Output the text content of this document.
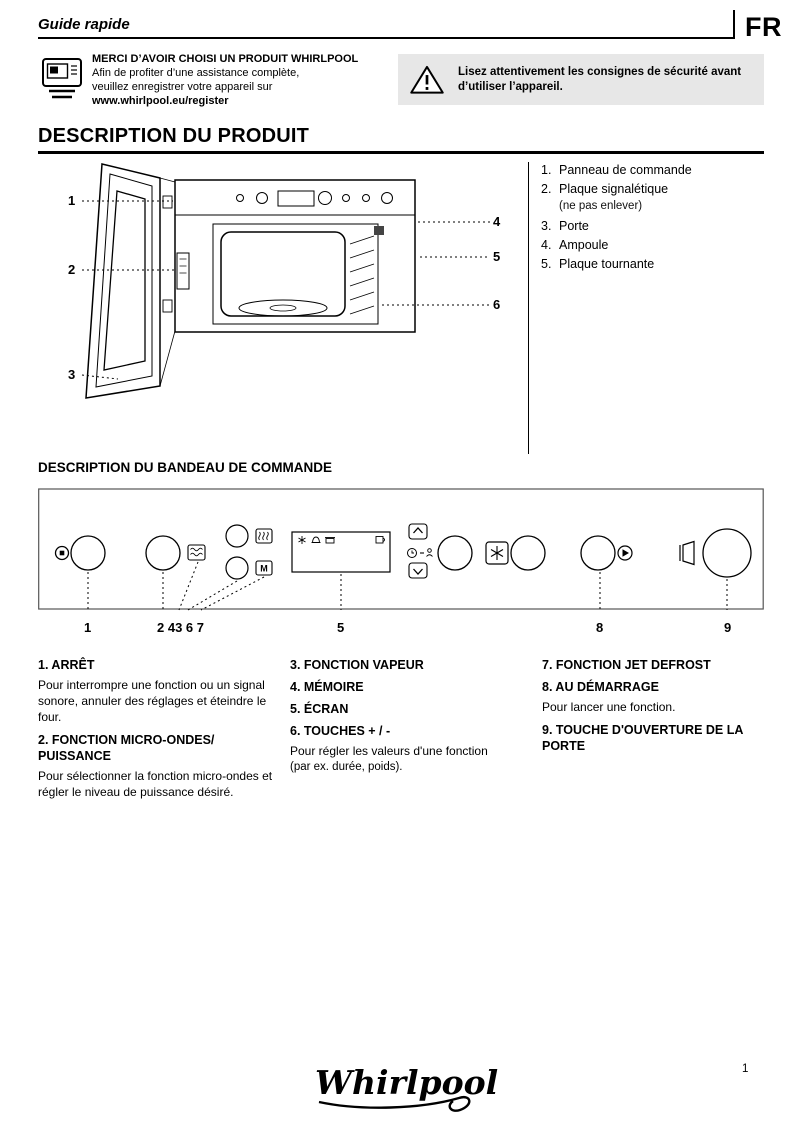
Guide rapide	FR
MERCI D’AVOIR CHOISI UN PRODUIT WHIRLPOOL
Afin de profiter d’une assistance complète,
veuillez enregistrer votre appareil sur
www.whirlpool.eu/register
Lisez attentivement les consignes de sécurité avant d’utiliser l’appareil.
DESCRIPTION DU PRODUIT
1
2
3
4
5
6
1. Panneau de commande
2. Plaque signalétique
(ne pas enlever)
3. Porte
4. Ampoule
5. Plaque tournante
DESCRIPTION DU BANDEAU DE COMMANDE
M
1	2 43 6 7	5	8	9
1. ARRÊT

Pour interrompre une fonction ou un signal sonore, annuler des réglages et éteindre le four.

2. FONCTION MICRO-ONDES/ PUISSANCE

Pour sélectionner la fonction micro-ondes et régler le niveau de puissance désiré.

3. FONCTION VAPEUR
4. MÉMOIRE
5. ÉCRAN
6. TOUCHES + / -

Pour régler les valeurs d'une fonction
(par ex. durée, poids).

7. FONCTION JET DEFROST
8. AU DÉMARRAGE

Pour lancer une fonction.

9. TOUCHE D'OUVERTURE DE LA PORTE
1
Whirlpool
